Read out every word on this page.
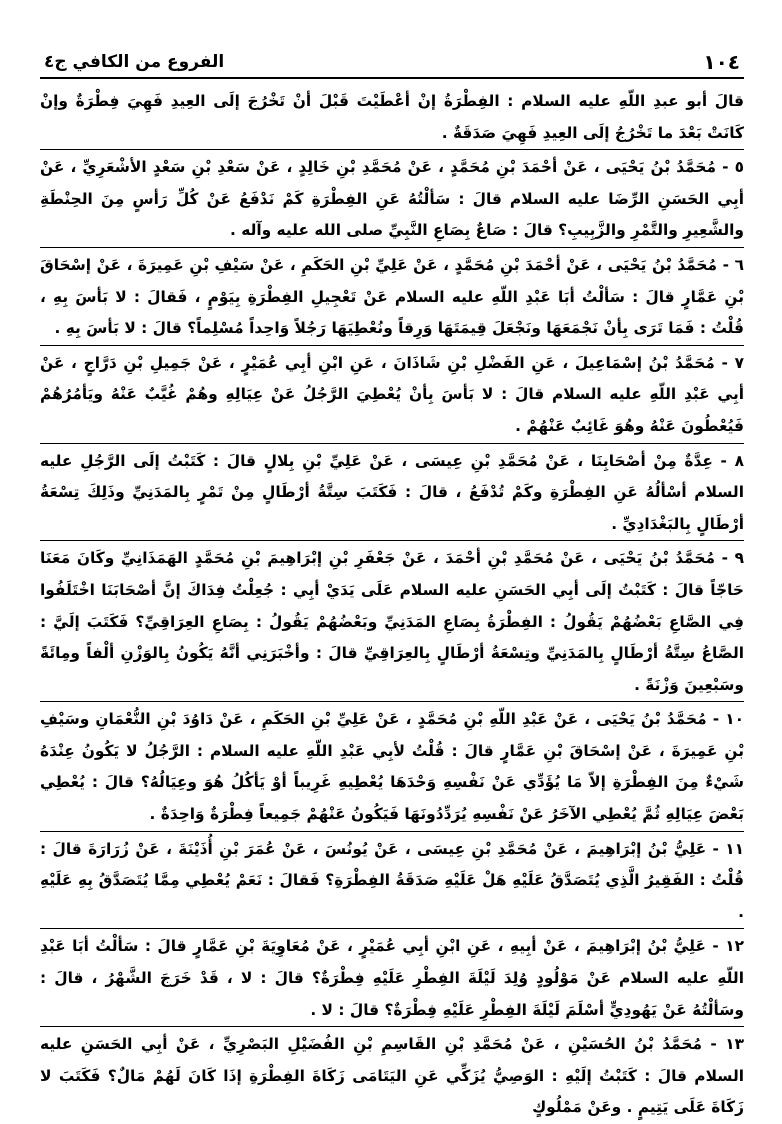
١٠٤
الفروع من الكافي ج٤

قالَ أبو عبدِ اللّهِ عليه السلام : الفِطْرَةُ إنْ أعْطَيْتَ قَبْلَ أنْ تَخْرُجَ إلَى العِيدِ فَهِيَ فِطْرَةٌ وإنْ كَانَتْ بَعْدَ ما تَخْرُجُ إلَى العِيدِ فَهِيَ صَدَقَةٌ .

٥ - مُحَمَّدُ بْنُ يَحْيَى ، عَنْ أحْمَدَ بْنِ مُحَمَّدٍ ، عَنْ مُحَمَّدِ بْنِ خَالِدٍ ، عَنْ سَعْدِ بْنِ سَعْدٍ الأشْعَرِيِّ ، عَنْ أبِي الحَسَنِ الرِّضَا عليه السلام قالَ : سَألْتُهُ عَنِ الفِطْرَةِ كَمْ نَدْفَعُ عَنْ كُلِّ رَأسٍ مِنَ الحِنْطَةِ والشَّعِيرِ والتَّمْرِ والزَّبِيبِ؟ قالَ : صَاعٌ بِصَاعِ النَّبِيِّ صلى الله عليه وآله .

٦ - مُحَمَّدُ بْنُ يَحْيَى ، عَنْ أحْمَدَ بْنِ مُحَمَّدٍ ، عَنْ عَلِيِّ بْنِ الحَكَمِ ، عَنْ سَيْفِ بْنِ عَمِيرَةَ ، عَنْ إسْحَاقَ بْنِ عَمَّارٍ قالَ : سَألْتُ أبَا عَبْدِ اللّهِ عليه السلام عَنْ تَعْجِيلِ الفِطْرَةِ بِيَوْمٍ ، فَقالَ : لا بَأسَ بِهِ ، قُلْتُ : فَمَا تَرَى بِأنْ نَجْمَعَهَا ونَجْعَلَ قِيمَتَهَا وَرِقاً ونُعْطِيَهَا رَجُلاً وَاحِداً مُسْلِماً؟ قالَ : لا بَأسَ بِهِ .

٧ - مُحَمَّدُ بْنُ إسْمَاعِيلَ ، عَنِ الفَضْلِ بْنِ شَاذَانَ ، عَنِ ابْنِ أبِي عُمَيْرٍ ، عَنْ جَمِيلِ بْنِ دَرَّاجٍ ، عَنْ أبِي عَبْدِ اللّهِ عليه السلام قالَ : لا بَأسَ بِأنْ يُعْطِيَ الرَّجُلُ عَنْ عِيَالِهِ وهُمْ غُيَّبٌ عَنْهُ ويَأمُرُهُمْ فَيُعْطُونَ عَنْهُ وهُوَ غَائِبٌ عَنْهُمْ .

٨ - عِدَّةٌ مِنْ أصْحَابِنَا ، عَنْ مُحَمَّدِ بْنِ عِيسَى ، عَنْ عَلِيِّ بْنِ بِلالٍ قالَ : كَتَبْتُ إلَى الرَّجُلِ عليه السلام أسْألُهُ عَنِ الفِطْرَةِ وكَمْ تُدْفَعُ ، قالَ : فَكَتَبَ سِتَّةُ أرْطَالٍ مِنْ تَمْرٍ بِالمَدَنِيِّ وذَلِكَ تِسْعَةُ أرْطَالٍ بِالبَغْدَادِيِّ .

٩ - مُحَمَّدُ بْنُ يَحْيَى ، عَنْ مُحَمَّدِ بْنِ أحْمَدَ ، عَنْ جَعْفَرِ بْنِ إبْرَاهِيمَ بْنِ مُحَمَّدٍ الهَمَذَانِيِّ وكَانَ مَعَنَا حَاجّاً قالَ : كَتَبْتُ إلَى أبِي الحَسَنِ عليه السلام عَلَى يَدَيْ أبِي : جُعِلْتُ فِدَاكَ إنَّ أصْحَابَنَا اخْتَلَفُوا فِي الصَّاعِ بَعْضُهُمْ يَقُولُ : الفِطْرَةُ بِصَاعِ المَدَنِيِّ وبَعْضُهُمْ يَقُولُ : بِصَاعِ العِرَاقِيِّ؟ فَكَتَبَ إلَيَّ : الصَّاعُ سِتَّةُ أرْطَالٍ بِالمَدَنِيِّ وتِسْعَةُ أرْطَالٍ بِالعِرَاقِيِّ قالَ : وأخْبَرَنِي أنَّهُ يَكُونُ بِالوَزْنِ ألْفاً ومِائَةً وسَبْعِينَ وَزْنَةً .

١٠ - مُحَمَّدُ بْنُ يَحْيَى ، عَنْ عَبْدِ اللّهِ بْنِ مُحَمَّدٍ ، عَنْ عَلِيِّ بْنِ الحَكَمِ ، عَنْ دَاوُدَ بْنِ النُّعْمَانِ وسَيْفِ بْنِ عَمِيرَةَ ، عَنْ إسْحَاقَ بْنِ عَمَّارٍ قالَ : قُلْتُ لأبِي عَبْدِ اللّهِ عليه السلام : الرَّجُلُ لا يَكُونُ عِنْدَهُ شَيْءٌ مِنَ الفِطْرَةِ إلاّ مَا يُؤَدِّي عَنْ نَفْسِهِ وَحْدَهَا يُعْطِيهِ غَرِيباً أوْ يَأكُلُ هُوَ وعِيَالُهُ؟ قالَ : يُعْطِي بَعْضَ عِيَالِهِ ثُمَّ يُعْطِي الآخَرُ عَنْ نَفْسِهِ يُرَدِّدُونَهَا فَيَكُونُ عَنْهُمْ جَمِيعاً فِطْرَةٌ وَاحِدَةٌ .

١١ - عَلِيُّ بْنُ إبْرَاهِيمَ ، عَنْ مُحَمَّدِ بْنِ عِيسَى ، عَنْ يُونُسَ ، عَنْ عُمَرَ بْنِ أُذَيْنَةَ ، عَنْ زُرَارَةَ قالَ : قُلْتُ : الفَقِيرُ الَّذِي يُتَصَدَّقُ عَلَيْهِ هَلْ عَلَيْهِ صَدَقَةُ الفِطْرَةِ؟ فَقالَ : نَعَمْ يُعْطِي مِمَّا يُتَصَدَّقُ بِهِ عَلَيْهِ .

١٢ - عَلِيُّ بْنُ إبْرَاهِيمَ ، عَنْ أبِيهِ ، عَنِ ابْنِ أبِي عُمَيْرٍ ، عَنْ مُعَاوِيَةَ بْنِ عَمَّارٍ قالَ : سَألْتُ أبَا عَبْدِ اللّهِ عليه السلام عَنْ مَوْلُودٍ وُلِدَ لَيْلَةَ الفِطْرِ عَلَيْهِ فِطْرَةٌ؟ قالَ : لا ، قَدْ خَرَجَ الشَّهْرُ ، قالَ : وسَألْتُهُ عَنْ يَهُودِيٍّ أسْلَمَ لَيْلَةَ الفِطْرِ عَلَيْهِ فِطْرَةٌ؟ قالَ : لا .

١٣ - مُحَمَّدُ بْنُ الحُسَيْنِ ، عَنْ مُحَمَّدِ بْنِ القَاسِمِ بْنِ الفُضَيْلِ البَصْرِيِّ ، عَنْ أبِي الحَسَنِ عليه السلام قالَ : كَتَبْتُ إلَيْهِ : الوَصِيُّ يُزَكِّي عَنِ اليَتَامَى زَكَاةَ الفِطْرَةِ إذَا كَانَ لَهُمْ مَالٌ؟ فَكَتَبَ لا زَكَاةَ عَلَى يَتِيمٍ . وعَنْ مَمْلُوكٍ
